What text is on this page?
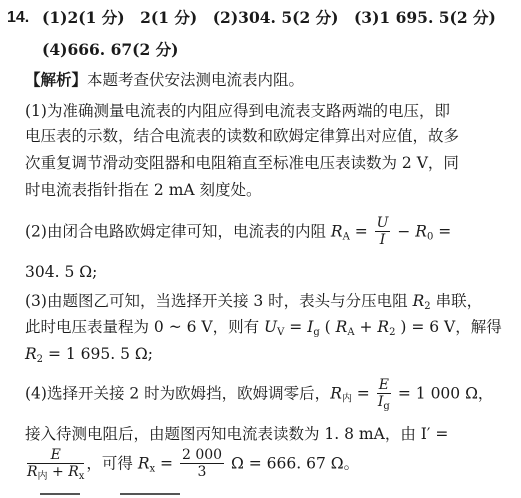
14. (1)2(1 分)　2(1 分)　(2)304. 5(2 分)　(3)1 695. 5(2 分)
(4)666. 67(2 分)
【解析】本题考查伏安法测电流表内阻。
(1)为准确测量电流表的内阻应得到电流表支路两端的电压，即
电压表的示数，结合电流表的读数和欧姆定律算出对应值，故多
次重复调节滑动变阻器和电阻箱直至标准电压表读数为 2 V，同
时电流表指针指在 2 mA 刻度处。
(2)由闭合电路欧姆定律可知，电流表的内阻 $R_A = \frac{U}{I} - R_0$ =
304. 5 Ω;
(3)由题图乙可知，当选择开关接 3 时，表头与分压电阻 $R_2$ 串联，
此时电压表量程为 0 ~ 6 V，则有 $U_V = I_g$ ( $R_A + R_2$ ) = 6 V，解得
$R_2 = 1$ 695. 5 Ω;
(4)选择开关接 2 时为欧姆挡，欧姆调零后，$R_内 = \frac{E}{I_g} = 1$ 000 Ω，
接入待测电阻后，由题图丙知电流表读数为 1. 8 mA，由 I′ =
$\frac{E}{R_内 + R_x}$ ，可得 $R_x = \frac{2 000}{3}$ Ω = 666. 67 Ω。
